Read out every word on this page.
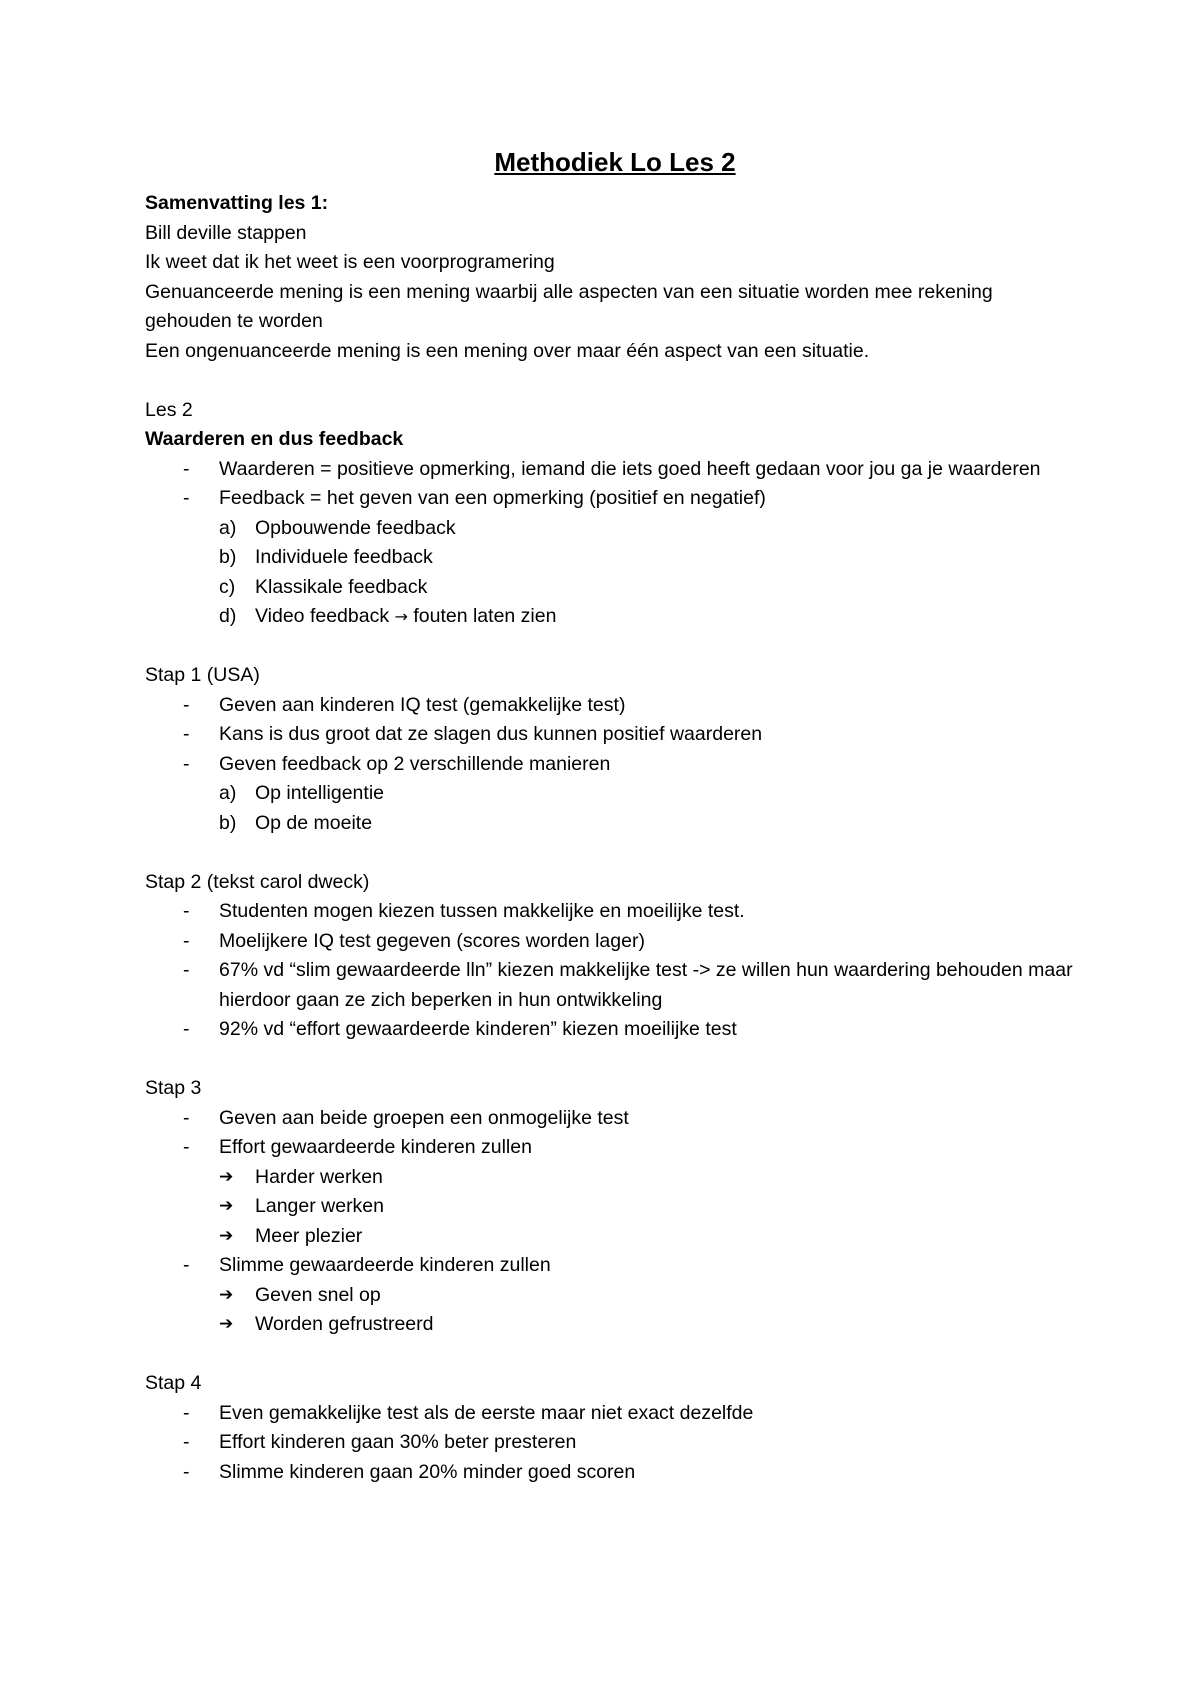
Methodiek Lo Les 2

Samenvatting les 1:

Bill deville stappen

Ik weet dat ik het weet is een voorprogramering

Genuanceerde mening is een mening waarbij alle aspecten van een situatie worden mee rekening gehouden te worden

Een ongenuanceerde mening is een mening over maar één aspect van een situatie.

Les 2

Waarderen en dus feedback

- Waarderen = positieve opmerking, iemand die iets goed heeft gedaan voor jou ga je waarderen

- Feedback = het geven van een opmerking (positief en negatief)

a) Opbouwende feedback

b) Individuele feedback

c) Klassikale feedback

d) Video feedback → fouten laten zien

Stap 1 (USA)

- Geven aan kinderen IQ test (gemakkelijke test)

- Kans is dus groot dat ze slagen dus kunnen positief waarderen

- Geven feedback op 2 verschillende manieren

a) Op intelligentie

b) Op de moeite

Stap 2 (tekst carol dweck)

- Studenten mogen kiezen tussen makkelijke en moeilijke test.

- Moelijkere IQ test gegeven (scores worden lager)

- 67% vd “slim gewaardeerde lln” kiezen makkelijke test -> ze willen hun waardering behouden maar hierdoor gaan ze zich beperken in hun ontwikkeling

- 92% vd “effort gewaardeerde kinderen” kiezen moeilijke test

Stap 3

- Geven aan beide groepen een onmogelijke test

- Effort gewaardeerde kinderen zullen

➔ Harder werken

➔ Langer werken

➔ Meer plezier

- Slimme gewaardeerde kinderen zullen

➔ Geven snel op

➔ Worden gefrustreerd

Stap 4

- Even gemakkelijke test als de eerste maar niet exact dezelfde

- Effort kinderen gaan 30% beter presteren

- Slimme kinderen gaan 20% minder goed scoren
